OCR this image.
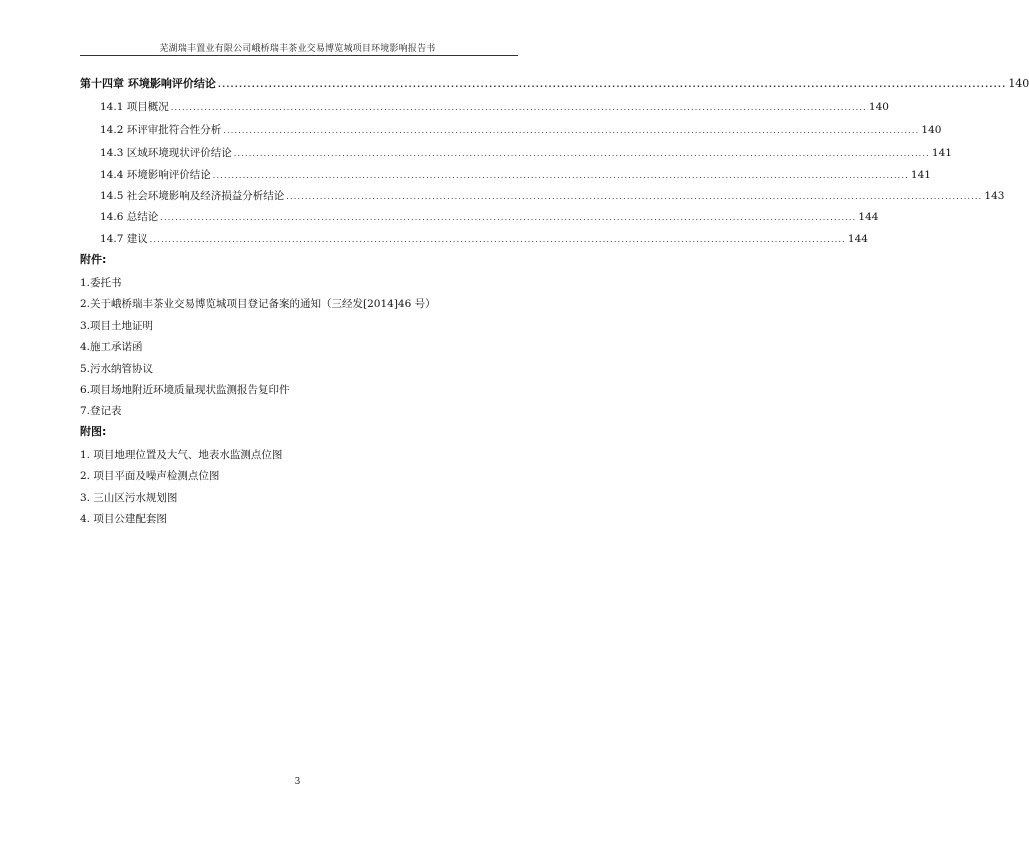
芜湖瑞丰置业有限公司峨桥瑞丰茶业交易博览城项目环境影响报告书
第十四章 环境影响评价结论 .......................................................................................................................................................................................... 140
14.1 项目概况 .......................................................................................................................................................................................... 140
14.2 环评审批符合性分析 .......................................................................................................................................................................................... 140
14.3 区域环境现状评价结论 .......................................................................................................................................................................................... 141
14.4 环境影响评价结论 .......................................................................................................................................................................................... 141
14.5 社会环境影响及经济损益分析结论 .......................................................................................................................................................................................... 143
14.6 总结论 .......................................................................................................................................................................................... 144
14.7 建议 .......................................................................................................................................................................................... 144
附件:
1.委托书
2.关于峨桥瑞丰茶业交易博览城项目登记备案的通知（三经发[2014]46 号）
3.项目土地证明
4.施工承诺函
5.污水纳管协议
6.项目场地附近环境质量现状监测报告复印件
7.登记表
附图:
1. 项目地理位置及大气、地表水监测点位图
2. 项目平面及噪声检测点位图
3. 三山区污水规划图
4. 项目公建配套图
3
